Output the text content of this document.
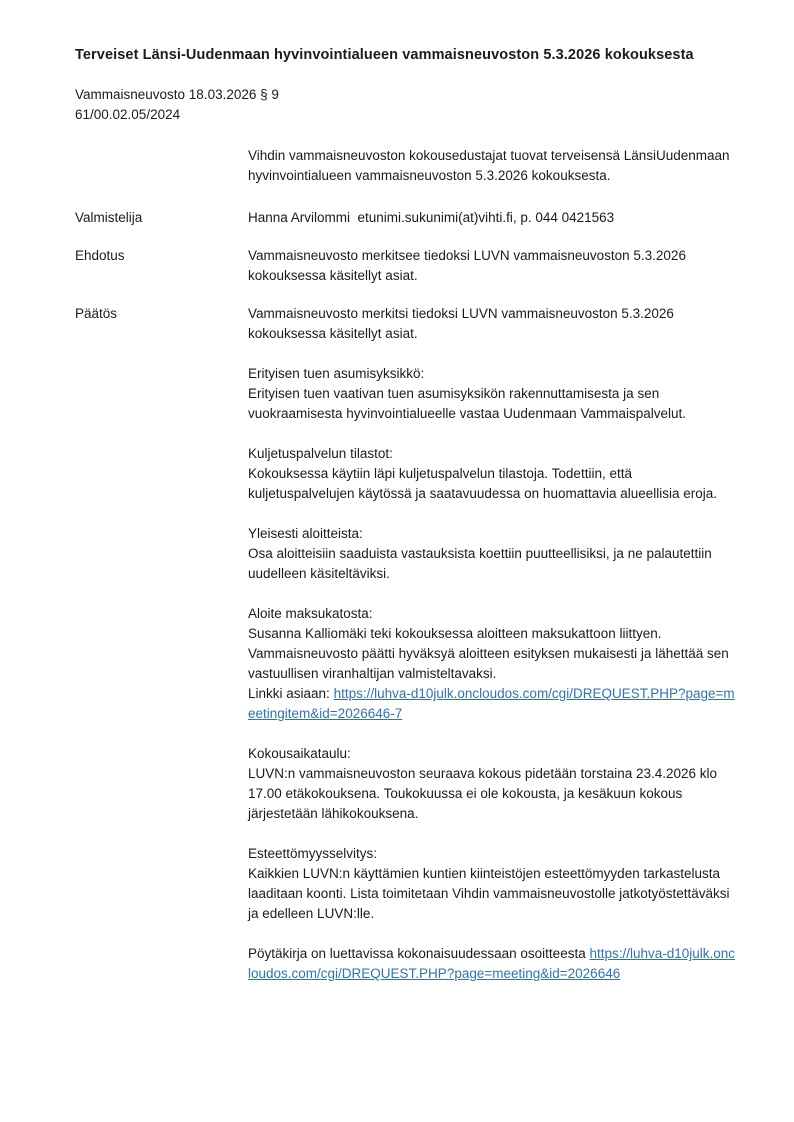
Terveiset Länsi-Uudenmaan hyvinvointialueen vammaisneuvoston 5.3.2026 kokouksesta
Vammaisneuvosto 18.03.2026 § 9
61/00.02.05/2024
Vihdin vammaisneuvoston kokousedustajat tuovat terveisensä LänsiUudenmaan hyvinvointialueen vammaisneuvoston 5.3.2026 kokouksesta.
Valmistelija	Hanna Arvilommi  etunimi.sukunimi(at)vihti.fi, p. 044 0421563
Ehdotus	Vammaisneuvosto merkitsee tiedoksi LUVN vammaisneuvoston 5.3.2026 kokouksessa käsitellyt asiat.
Päätös	Vammaisneuvosto merkitsi tiedoksi LUVN vammaisneuvoston 5.3.2026 kokouksessa käsitellyt asiat.
Erityisen tuen asumisyksikkö:
Erityisen tuen vaativan tuen asumisyksikön rakennuttamisesta ja sen vuokraamisesta hyvinvointialueelle vastaa Uudenmaan Vammaispalvelut.
Kuljetuspalvelun tilastot:
Kokouksessa käytiin läpi kuljetuspalvelun tilastoja. Todettiin, että kuljetuspalvelujen käytössä ja saatavuudessa on huomattavia alueellisia eroja.
Yleisesti aloitteista:
Osa aloitteisiin saaduista vastauksista koettiin puutteellisiksi, ja ne palautettiin uudelleen käsiteltäviksi.
Aloite maksukatosta:
Susanna Kalliomäki teki kokouksessa aloitteen maksukattoon liittyen. Vammaisneuvosto päätti hyväksyä aloitteen esityksen mukaisesti ja lähettää sen vastuullisen viranhaltijan valmisteltavaksi.
Linkki asiaan: https://luhva-d10julk.oncloudos.com/cgi/DREQUEST.PHP?page=meetingitem&id=2026646-7
Kokousaikataulu:
LUVN:n vammaisneuvoston seuraava kokous pidetään torstaina 23.4.2026 klo 17.00 etäkokouksena. Toukokuussa ei ole kokousta, ja kesäkuun kokous järjestetään lähikokouksena.
Esteettömyysselvitys:
Kaikkien LUVN:n käyttämien kuntien kiinteistöjen esteettömyyden tarkastelusta laaditaan koonti. Lista toimitetaan Vihdin vammaisneuvostolle jatkotyöstettäväksi ja edelleen LUVN:lle.
Pöytäkirja on luettavissa kokonaisuudessaan osoitteesta https://luhva-d10julk.oncloudos.com/cgi/DREQUEST.PHP?page=meeting&id=2026646
